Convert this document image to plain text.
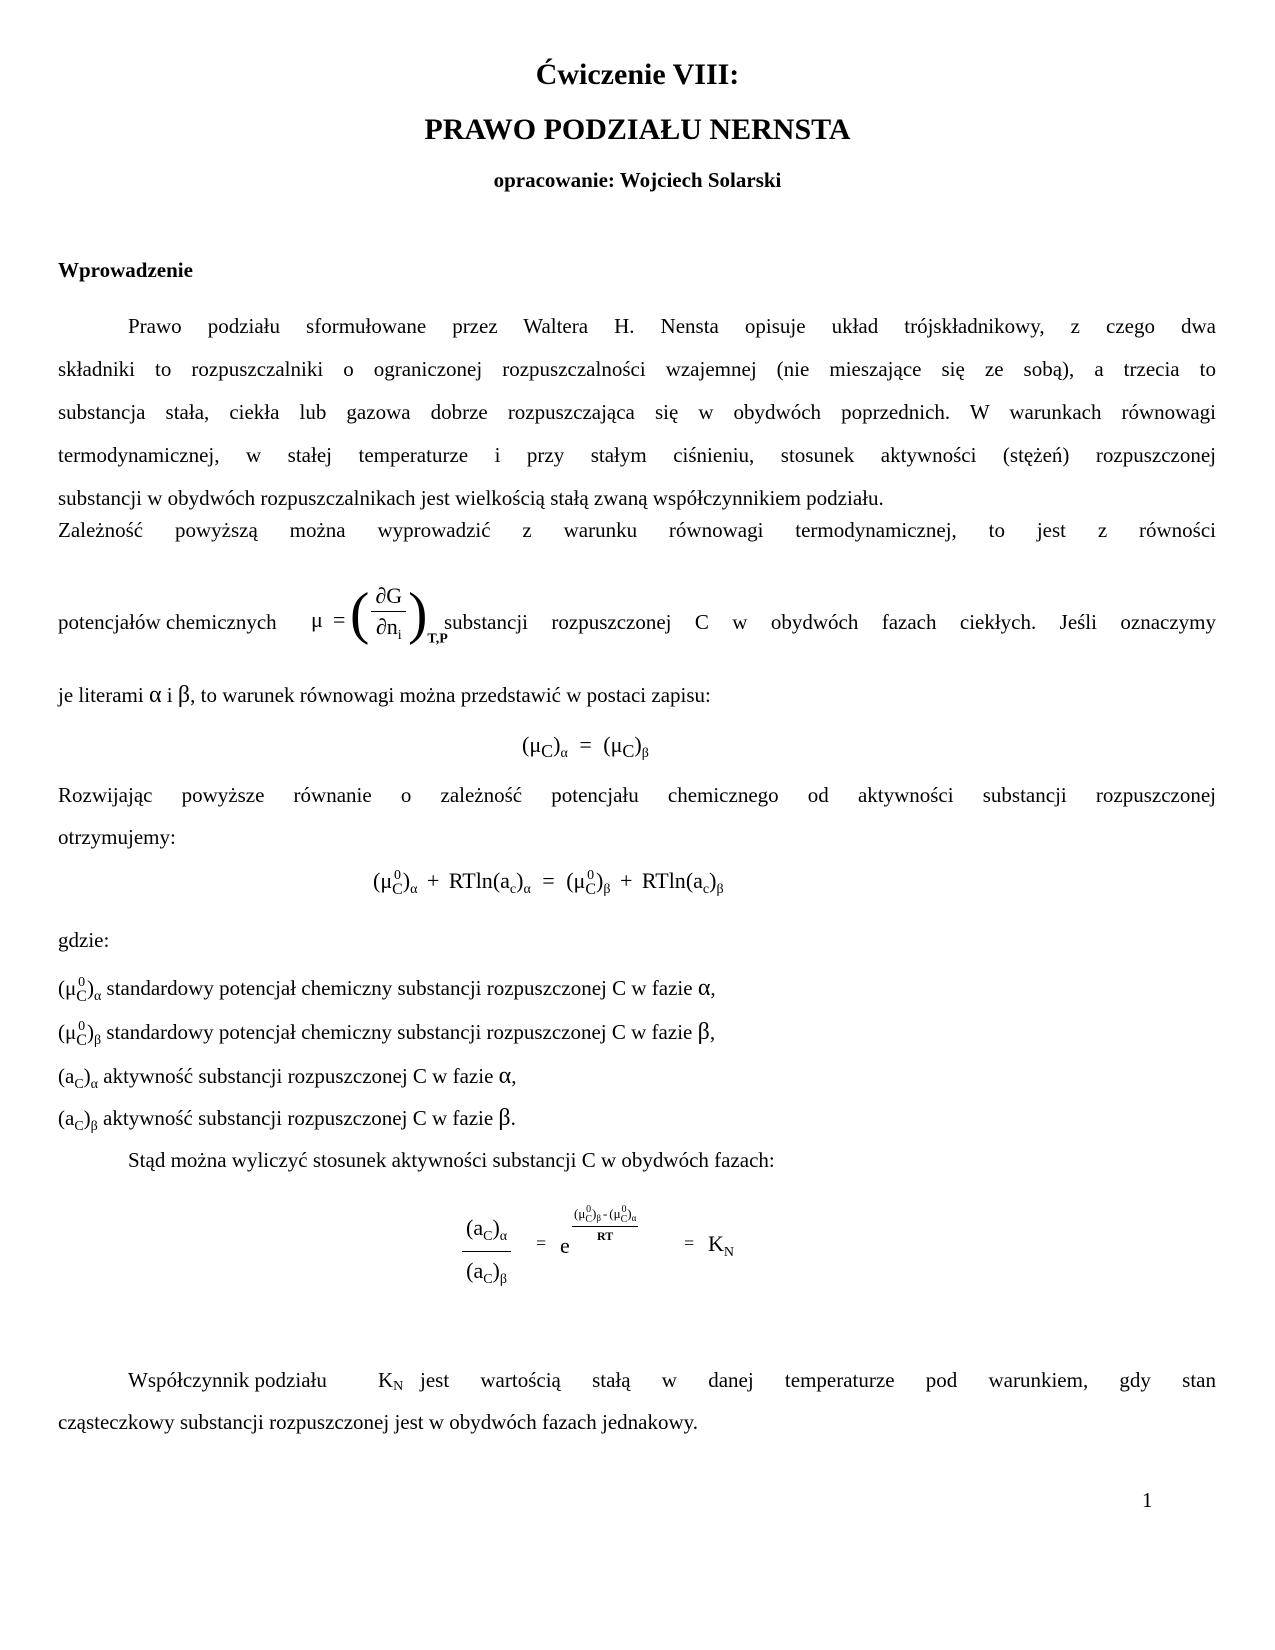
Ćwiczenie VIII:
PRAWO PODZIAŁU NERNSTA
opracowanie: Wojciech Solarski
Wprowadzenie
Prawo podziału sformułowane przez Waltera H. Nensta opisuje układ trójskładnikowy, z czego dwa
składniki to rozpuszczalniki o ograniczonej rozpuszczalności wzajemnej (nie mieszające się ze sobą), a trzecia to
substancja stała, ciekła lub gazowa dobrze rozpuszczająca się w obydwóch poprzednich. W warunkach równowagi
termodynamicznej, w stałej temperaturze i przy stałym ciśnieniu, stosunek aktywności (stężeń) rozpuszczonej
substancji w obydwóch rozpuszczalnikach jest wielkością stałą zwaną współczynnikiem podziału.
Zależność powyższą można wyprowadzić z warunku równowagi termodynamicznej, to jest z równości
potencjałów chemicznych μ = ( $\frac{\partial G}{\partial n_i} )_{T,P}$
substancji rozpuszczonej C w obydwóch fazach ciekłych. Jeśli oznaczymy
je literami α i β, to warunek równowagi można przedstawić w postaci zapisu:
$(\mu_C)_\alpha = (\mu_C)_\beta$
Rozwijając powyższe równanie o zależność potencjału chemicznego od aktywności substancji rozpuszczonej
otrzymujemy:
(μ 0
C )$_\alpha + RTln(a_c)_\alpha = (\mu$ 0
C )$_\beta + RTln(a_c)_\beta$
gdzie:
(μ 0
C )$_\alpha$ standardowy potencjał chemiczny substancji rozpuszczonej C w fazie α,
(μ 0
C )$_\beta$ standardowy potencjał chemiczny substancji rozpuszczonej C w fazie β,
$(a_C)_\alpha$ aktywność substancji rozpuszczonej C w fazie α,
$(a_C)_\beta$ aktywność substancji rozpuszczonej C w fazie β.
Stąd można wyliczyć stosunek aktywności substancji C w obydwóch fazach:
$\frac{(a_C)_\alpha}{(a_C)_\beta} = e$
(μ 0
C )$_\beta - (\mu$ 0
C )$_\alpha$
RT	= $K_N$
Współczynnik podziału KN jest wartością stałą w danej temperaturze pod warunkiem, gdy stan
cząsteczkowy substancji rozpuszczonej jest w obydwóch fazach jednakowy.
1
